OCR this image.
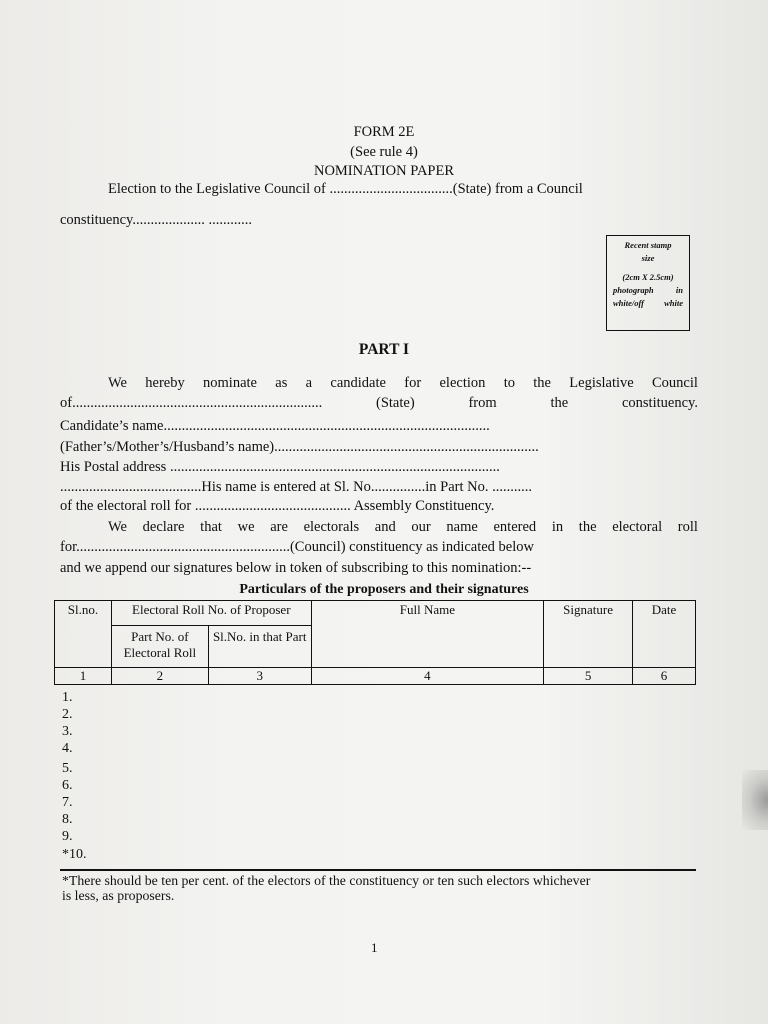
FORM 2E
(See rule 4)
NOMINATION PAPER
Election to the Legislative Council of ..................................(State) from a Council
constituency.................... ............
Recent stamp
size
(2cm X 2.5cm)
photograph	in
white/off white
PART I
We hereby nominate as a candidate for election to the Legislative Council
of.....................................................................	(State)	from	the	constituency.
Candidate’s name..........................................................................................
(Father’s/Mother’s/Husband’s name).........................................................................
His Postal address ...........................................................................................
.......................................His name is entered at Sl. No...............in Part No. ...........
of the electoral roll for ........................................... Assembly Constituency.
We declare that we are electorals and our name entered in the electoral roll
for...........................................................(Council) constituency as indicated below
and we append our signatures below in token of subscribing to this nomination:--
Particulars of the proposers and their signatures
Sl.no.	Electoral Roll No. of Proposer		Full Name	Signature	Date
	Part No. of Electoral Roll	Sl.No. in that Part			
1	2	3	4	5	6
1.
2.
3.
4.
5.
6.
7.
8.
9.
*10.
*There should be ten per cent. of the electors of the constituency or ten such electors whichever
is less, as proposers.
1
